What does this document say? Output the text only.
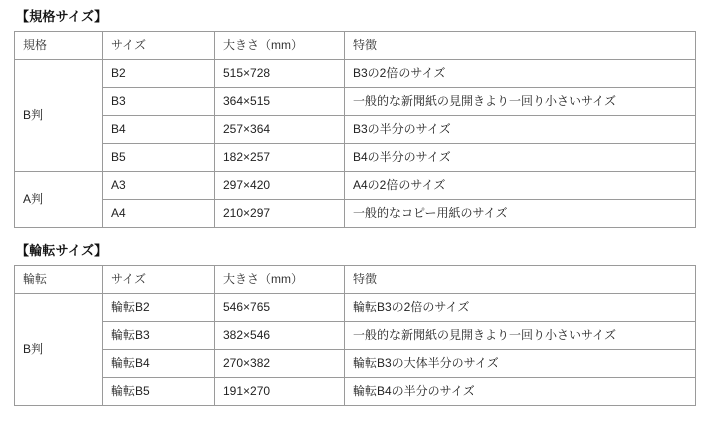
【規格サイズ】
規格	サイズ	大きさ（mm）	特徴
B判	B2	515×728	B3の2倍のサイズ
	B3	364×515	一般的な新聞紙の見開きより一回り小さいサイズ
	B4	257×364	B3の半分のサイズ
	B5	182×257	B4の半分のサイズ
A判	A3	297×420	A4の2倍のサイズ
	A4	210×297	一般的なコピー用紙のサイズ
【輪転サイズ】
輪転	サイズ	大きさ（mm）	特徴
B判	輪転B2	546×765	輪転B3の2倍のサイズ
	輪転B3	382×546	一般的な新聞紙の見開きより一回り小さいサイズ
	輪転B4	270×382	輪転B3の大体半分のサイズ
	輪転B5	191×270	輪転B4の半分のサイズ
